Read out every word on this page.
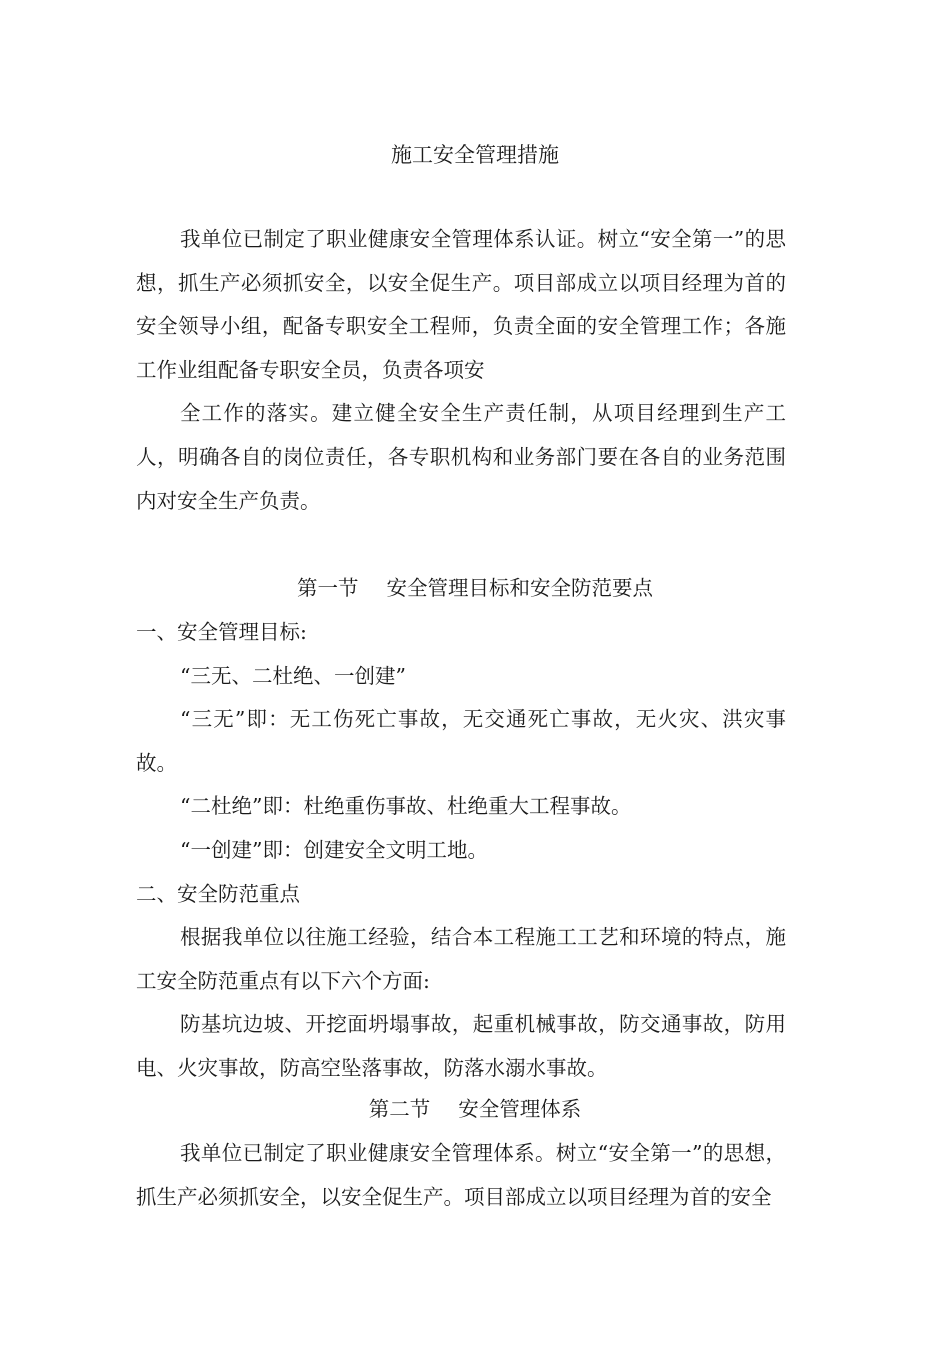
施工安全管理措施

我单位已制定了职业健康安全管理体系认证。树立“安全第一”的思想，抓生产必须抓安全，以安全促生产。项目部成立以项目经理为首的安全领导小组，配备专职安全工程师，负责全面的安全管理工作；各施工作业组配备专职安全员，负责各项安

全工作的落实。建立健全安全生产责任制，从项目经理到生产工人，明确各自的岗位责任，各专职机构和业务部门要在各自的业务范围内对安全生产负责。

第一节 安全管理目标和安全防范要点

一、安全管理目标:

“三无、二杜绝、一创建”

“三无”即：无工伤死亡事故，无交通死亡事故，无火灾、洪灾事故。

“二杜绝”即：杜绝重伤事故、杜绝重大工程事故。

“一创建”即：创建安全文明工地。

二、安全防范重点

根据我单位以往施工经验，结合本工程施工工艺和环境的特点，施工安全防范重点有以下六个方面:

防基坑边坡、开挖面坍塌事故，起重机械事故，防交通事故，防用电、火灾事故，防高空坠落事故，防落水溺水事故。

第二节 安全管理体系

我单位已制定了职业健康安全管理体系。树立“安全第一”的思想，抓生产必须抓安全，以安全促生产。项目部成立以项目经理为首的安全
